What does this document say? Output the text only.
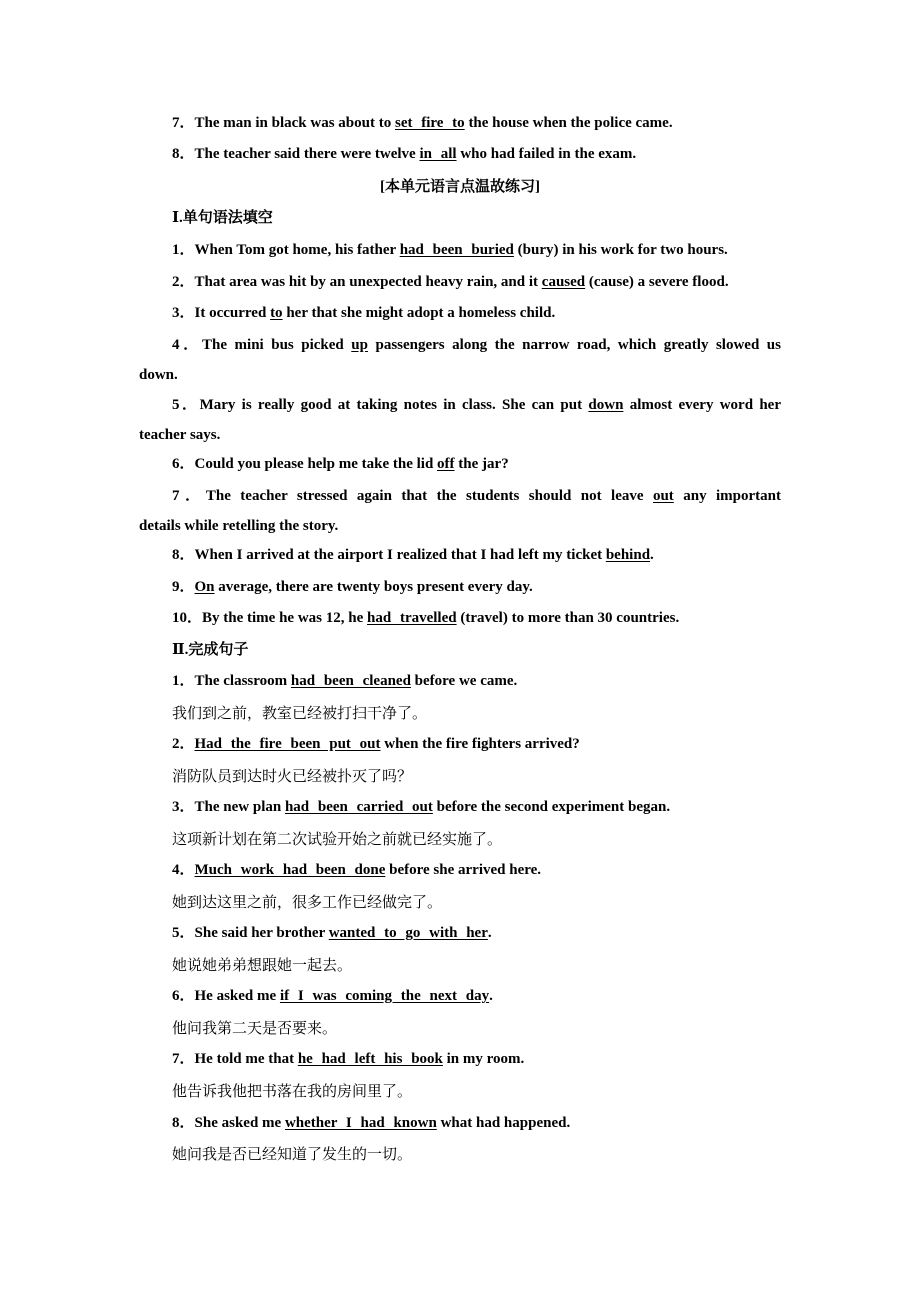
7．The man in black was about to set fire to the house when the police came.
8．The teacher said there were twelve in all who had failed in the exam.
[本单元语言点温故练习]
Ⅰ.单句语法填空
1．When Tom got home, his father had been buried (bury) in his work for two hours.
2．That area was hit by an unexpected heavy rain, and it caused (cause) a severe flood.
3．It occurred to her that she might adopt a homeless child.
4．The mini bus picked up passengers along the narrow road, which greatly slowed us
down.
5．Mary is really good at taking notes in class. She can put down almost every word her
teacher says.
6．Could you please help me take the lid off the jar?
7．The teacher stressed again that the students should not leave out any important
details while retelling the story.
8．When I arrived at the airport I realized that I had left my ticket behind.
9．On average, there are twenty boys present every day.
10．By the time he was 12, he had travelled (travel) to more than 30 countries.
Ⅱ.完成句子
1．The classroom had been cleaned before we came.
我们到之前，教室已经被打扫干净了。
2．Had the fire been put out when the fire fighters arrived?
消防队员到达时火已经被扑灭了吗？
3．The new plan had been carried out before the second experiment began.
这项新计划在第二次试验开始之前就已经实施了。
4．Much work had been done before she arrived here.
她到达这里之前，很多工作已经做完了。
5．She said her brother wanted to go with her.
她说她弟弟想跟她一起去。
6．He asked me if I was coming the next day.
他问我第二天是否要来。
7．He told me that he had left his book in my room.
他告诉我他把书落在我的房间里了。
8．She asked me whether I had known what had happened.
她问我是否已经知道了发生的一切。
